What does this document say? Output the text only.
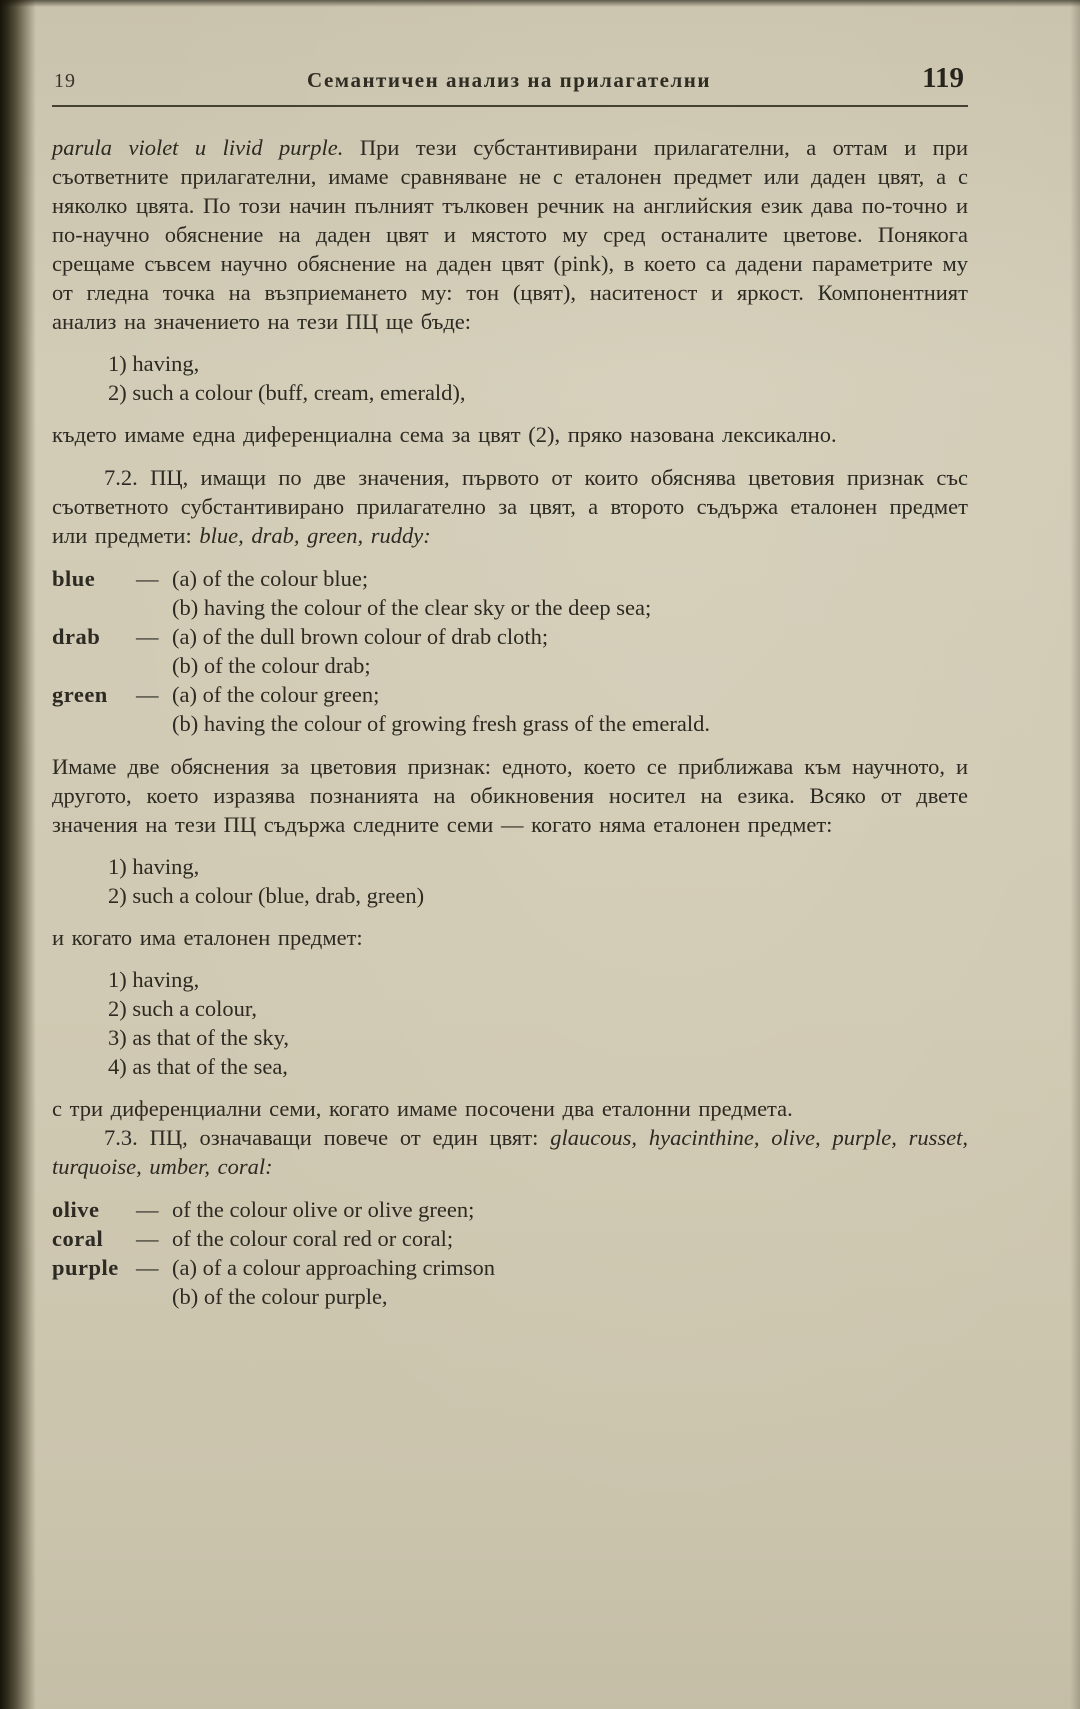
19	Семантичен анализ на прилагателни	119

parula violet и livid purple. При тези субстантивирани прилагателни, а оттам и при съответните прилагателни, имаме сравняване не с еталонен предмет или даден цвят, а с няколко цвята. По този начин пълният тълковен речник на английския език дава по-точно и по-научно обяснение на даден цвят и мястото му сред останалите цветове. Понякога срещаме съвсем научно обяснение на даден цвят (pink), в което са дадени параметрите му от гледна точка на възприемането му: тон (цвят), наситеност и яркост. Компонентният анализ на значението на тези ПЦ ще бъде:

1) having,
2) such a colour (buff, cream, emerald),

където имаме една диференциална сема за цвят (2), пряко назована лексикално.

7.2. ПЦ, имащи по две значения, първото от които обяснява цветовия признак със съответното субстантивирано прилагателно за цвят, а второто съдържа еталонен предмет или предмети: blue, drab, green, ruddy:

blue	— (a) of the colour blue;
(b) having the colour of the clear sky or the deep sea;
drab	— (a) of the dull brown colour of drab cloth;
(b) of the colour drab;
green	— (a) of the colour green;
(b) having the colour of growing fresh grass of the emerald.

Имаме две обяснения за цветовия признак: едното, което се приближава към научното, и другото, което изразява познанията на обикновения носител на езика. Всяко от двете значения на тези ПЦ съдържа следните семи — когато няма еталонен предмет:

1) having,
2) such a colour (blue, drab, green)

и когато има еталонен предмет:

1) having,
2) such a colour,
3) as that of the sky,
4) as that of the sea,

с три диференциални семи, когато имаме посочени два еталонни предмета.

7.3. ПЦ, означаващи повече от един цвят: glaucous, hyacinthine, olive, purple, russet, turquoise, umber, coral:

olive	— of the colour olive or olive green;
coral	— of the colour coral red or coral;
purple — (a) of a colour approaching crimson
(b) of the colour purple,
